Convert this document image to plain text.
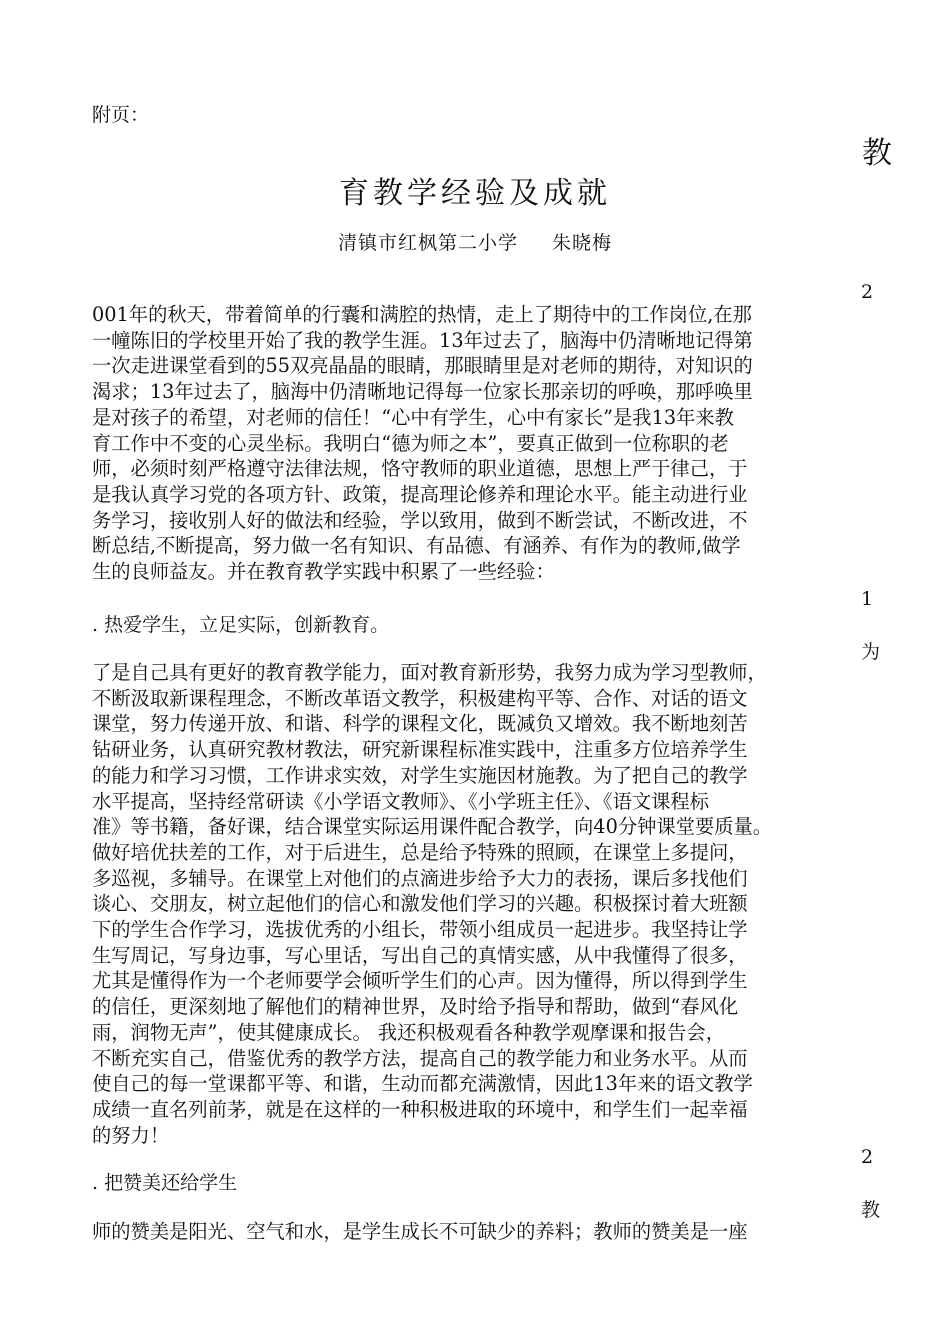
附页：
教
育教学经验及成就
清镇市红枫第二小学 朱晓梅
2
001年的秋天，带着简单的行囊和满腔的热情，走上了期待中的工作岗位,在那
一幢陈旧的学校里开始了我的教学生涯。13年过去了，脑海中仍清晰地记得第
一次走进课堂看到的55双亮晶晶的眼睛，那眼睛里是对老师的期待，对知识的
渴求；13年过去了，脑海中仍清晰地记得每一位家长那亲切的呼唤，那呼唤里
是对孩子的希望，对老师的信任！“心中有学生，心中有家长”是我13年来教
育工作中不变的心灵坐标。我明白“德为师之本”，要真正做到一位称职的老
师，必须时刻严格遵守法律法规，恪守教师的职业道德，思想上严于律己，于
是我认真学习党的各项方针、政策，提高理论修养和理论水平。能主动进行业
务学习，接收别人好的做法和经验，学以致用，做到不断尝试，不断改进，不
断总结,不断提高，努力做一名有知识、有品德、有涵养、有作为的教师,做学
生的良师益友。并在教育教学实践中积累了一些经验：
1
. 热爱学生，立足实际，创新教育。
为
了是自己具有更好的教育教学能力，面对教育新形势，我努力成为学习型教师，
不断汲取新课程理念，不断改革语文教学，积极建构平等、合作、对话的语文
课堂，努力传递开放、和谐、科学的课程文化，既减负又增效。我不断地刻苦
钻研业务，认真研究教材教法，研究新课程标准实践中，注重多方位培养学生
的能力和学习习惯，工作讲求实效，对学生实施因材施教。为了把自己的教学
水平提高，坚持经常研读《小学语文教师》、《小学班主任》、《语文课程标
准》等书籍，备好课，结合课堂实际运用课件配合教学，向40分钟课堂要质量。
做好培优扶差的工作，对于后进生，总是给予特殊的照顾，在课堂上多提问，
多巡视，多辅导。在课堂上对他们的点滴进步给予大力的表扬，课后多找他们
谈心、交朋友，树立起他们的信心和激发他们学习的兴趣。积极探讨着大班额
下的学生合作学习，选拔优秀的小组长，带领小组成员一起进步。我坚持让学
生写周记，写身边事，写心里话，写出自己的真情实感，从中我懂得了很多，
尤其是懂得作为一个老师要学会倾听学生们的心声。因为懂得，所以得到学生
的信任，更深刻地了解他们的精神世界，及时给予指导和帮助，做到“春风化
雨，润物无声”，使其健康成长。 我还积极观看各种教学观摩课和报告会，
不断充实自己，借鉴优秀的教学方法，提高自己的教学能力和业务水平。从而
使自己的每一堂课都平等、和谐，生动而都充满激情，因此13年来的语文教学
成绩一直名列前茅，就是在这样的一种积极进取的环境中，和学生们一起幸福
的努力！
2
. 把赞美还给学生
教
师的赞美是阳光、空气和水，是学生成长不可缺少的养料；教师的赞美是一座
